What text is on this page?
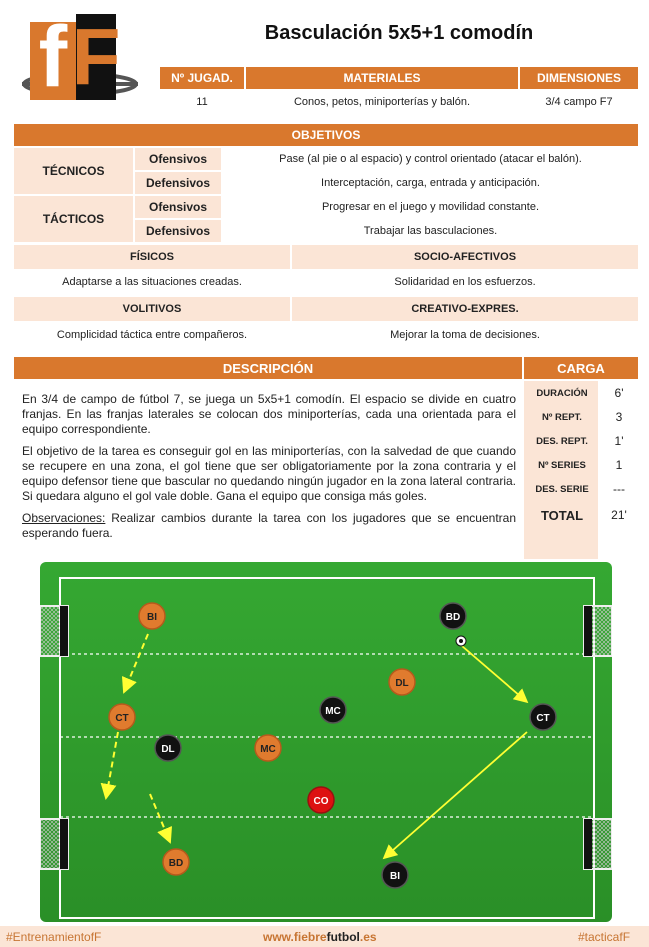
f F	Basculación 5x5+1 comodín
Nº JUGAD.	MATERIALES	DIMENSIONES
11	Conos, petos, miniporterías y balón.	3/4 campo F7
OBJETIVOS
TÉCNICOS
Ofensivos	Pase (al pie o al espacio) y control orientado (atacar el balón).
Defensivos	Interceptación, carga, entrada y anticipación.
TÁCTICOS
Ofensivos	Progresar en el juego y movilidad constante.
Defensivos	Trabajar las basculaciones.
FÍSICOS	SOCIO-AFECTIVOS
Adaptarse a las situaciones creadas.	Solidaridad en los esfuerzos.
VOLITIVOS	CREATIVO-EXPRES.
Complicidad táctica entre compañeros.	Mejorar la toma de decisiones.
DESCRIPCIÓN	CARGA

En 3/4 de campo de fútbol 7, se juega un 5x5+1 comodín. El espacio se divide en cuatro franjas. En las franjas laterales se colocan dos miniporterías, cada una orientada para el equipo correspondiente.

El objetivo de la tarea es conseguir gol en las miniporterías, con la salvedad de que cuando se recupere en una zona, el gol tiene que ser obligatoriamente por la zona contraria y el equipo defensor tiene que bascular no quedando ningún jugador en la zona lateral contraria. Si quedara alguno el gol vale doble. Gana el equipo que consiga más goles.

Observaciones: Realizar cambios durante la tarea con los jugadores que se encuentran esperando fuera.

DURACIÓN	6'
Nº REPT.	3
DES. REPT.	1'
Nº SERIES	1
DES. SERIE	---
TOTAL	21'
BI
CT
DL
MC
BD
BD
CT
MC
DL
BI
CO
#EntrenamientofF	www.fiebrefutbol.es	#tacticafF
